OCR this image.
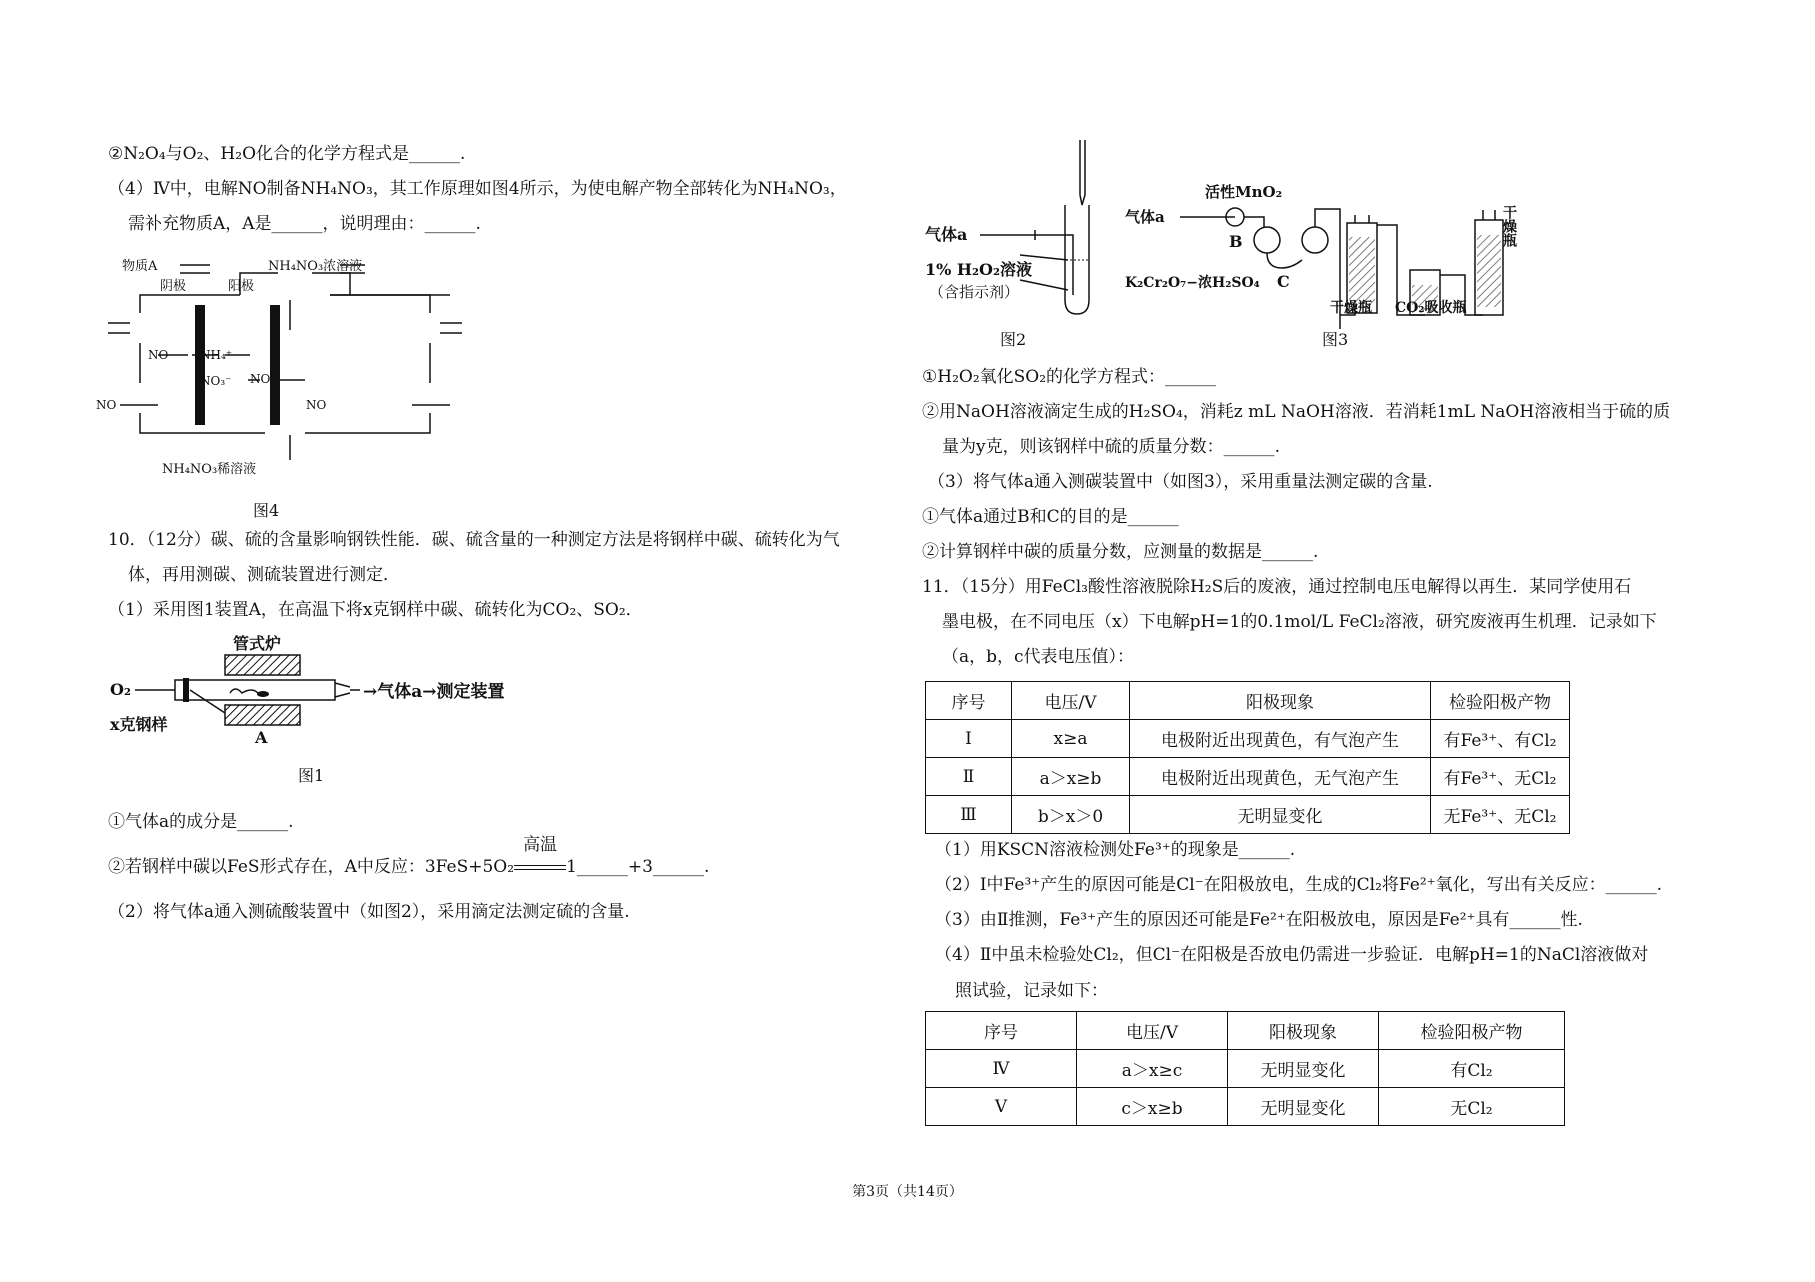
②N₂O₄与O₂、H₂O化合的化学方程式是______.
（4）Ⅳ中，电解NO制备NH₄NO₃，其工作原理如图4所示，为使电解产物全部转化为NH₄NO₃，
需补充物质A，A是______，说明理由：______.
物质A	NH₄NO₃浓溶液
阴极	阳极
NO	NH₄⁺
NO₃⁻ NO
NO	NO
NH₄NO₃稀溶液
图4
10．（12分）碳、硫的含量影响钢铁性能．碳、硫含量的一种测定方法是将钢样中碳、硫转化为气
体，再用测碳、测硫装置进行测定．
（1）采用图1装置A，在高温下将x克钢样中碳、硫转化为CO₂、SO₂．
管式炉
O₂
x克钢样
A
→气体a→测定装置
图1
①气体a的成分是______.
②若钢样中碳以FeS形式存在，A中反应：3FeS+5O₂
高温
1______+3______.
（2）将气体a通入测硫酸装置中（如图2），采用滴定法测定硫的含量.
气体a
1% H₂O₂溶液
（含指示剂）
图2
活性MnO₂
气体a
B
K₂Cr₂O₇−浓H₂SO₄ C
干燥瓶 CO₂吸收瓶
干燥瓶
图3
①H₂O₂氧化SO₂的化学方程式：______
②用NaOH溶液滴定生成的H₂SO₄，消耗z mL NaOH溶液．若消耗1mL NaOH溶液相当于硫的质
量为y克，则该钢样中硫的质量分数：______.
（3）将气体a通入测碳装置中（如图3），采用重量法测定碳的含量.
①气体a通过B和C的目的是______
②计算钢样中碳的质量分数，应测量的数据是______.
11．（15分）用FeCl₃酸性溶液脱除H₂S后的废液，通过控制电压电解得以再生．某同学使用石
墨电极，在不同电压（x）下电解pH=1的0.1mol/L FeCl₂溶液，研究废液再生机理．记录如下
（a，b，c代表电压值）：
序号	电压/V	阳极现象	检验阳极产物
Ⅰ	x≥a	电极附近出现黄色，有气泡产生	有Fe³⁺、有Cl₂
Ⅱ	a＞x≥b	电极附近出现黄色，无气泡产生	有Fe³⁺、无Cl₂
Ⅲ	b＞x＞0	无明显变化	无Fe³⁺、无Cl₂
（1）用KSCN溶液检测处Fe³⁺的现象是______.
（2）Ⅰ中Fe³⁺产生的原因可能是Cl⁻在阳极放电，生成的Cl₂将Fe²⁺氧化，写出有关反应：______.
（3）由Ⅱ推测，Fe³⁺产生的原因还可能是Fe²⁺在阳极放电，原因是Fe²⁺具有______性.
（4）Ⅱ中虽未检验处Cl₂，但Cl⁻在阳极是否放电仍需进一步验证．电解pH=1的NaCl溶液做对
照试验，记录如下：
序号	电压/V	阳极现象	检验阳极产物
Ⅳ	a＞x≥c	无明显变化	有Cl₂
Ⅴ	c＞x≥b	无明显变化	无Cl₂
第3页（共14页）
